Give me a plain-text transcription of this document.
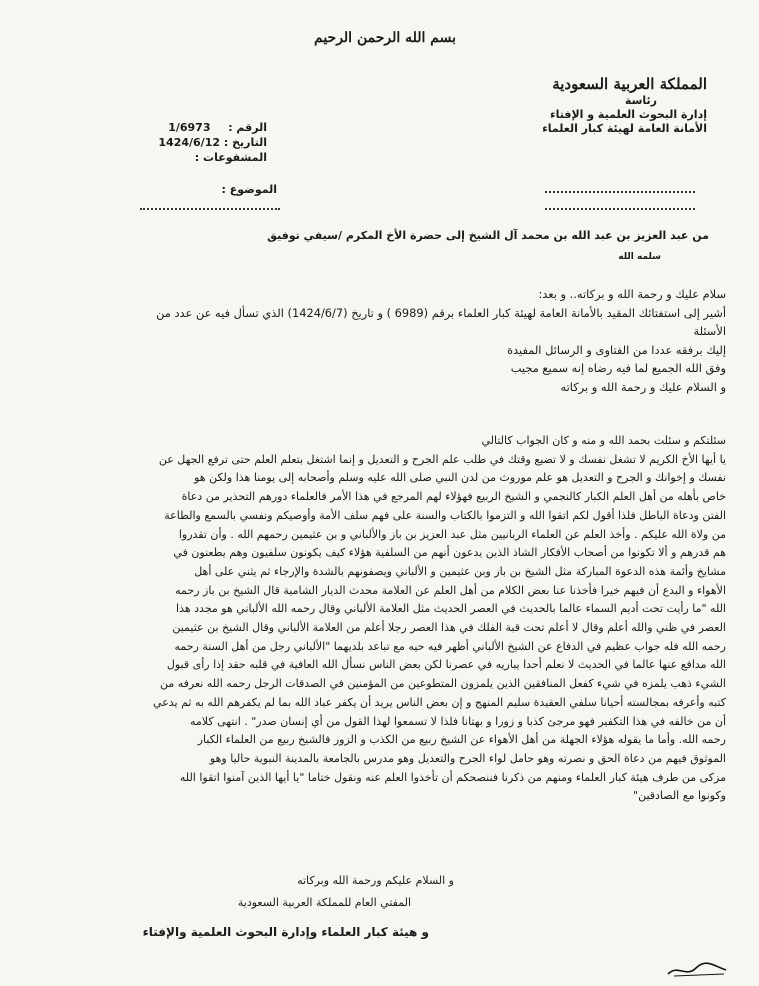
بسم الله الرحمن الرحيم
المملكة العربية السعودية
رئاسة
إدارة البحوث العلمية و الإفتاء
الأمانة العامة لهيئة كبار العلماء
الرقم :  1/6973
التاريخ : 1424/6/12
المشفوعات :
الموضوع :
من عبد العزيز بن عبد الله بن محمد آل الشيخ إلى حضرة الأخ المكرم /سيفي توفيق
سلمه الله
سلام عليك و رحمة الله و بركاته.. و بعد:
أشير إلى استفتائك المقيد بالأمانة العامة لهيئة كبار العلماء برقم (6989 ) و تاريخ (1424/6/7) الذي تسأل فيه عن عدد من
الأسئلة
إليك برفقه عددا من الفتاوى و الرسائل المفيدة
وفق الله الجميع لما فيه رضاه إنه سميع مجيب
و السلام عليك و رحمة الله و بركاته
سئلتكم و سئلت بحمد الله و منه و كان الجواب كالتالي
يا أيها الأخ الكريم لا تشغل نفسك و لا تضيع وقتك في طلب علم الجرح و التعديل و إنما اشتغل بتعلم العلم حتى ترفع الجهل عن
نفسك و إخوانك و الجرح و التعديل هو علم موروث من لدن النبي صلى الله عليه وسلم وأصحابه إلى يومنا هذا ولكن هو
خاص بأهله من أهل العلم الكبار كالنجمي و الشيخ الربيع فهؤلاء لهم المرجع في هذا الأمر فالعلماء دورهم التحذير من دعاة
الفتن ودعاة الباطل فلذا أقول لكم اتقوا الله و التزموا بالكتاب والسنة على فهم سلف الأمة وأوصيكم ونفسي بالسمع والطاعة
من ولاة الله عليكم . وأخذ العلم عن العلماء الربانيين مثل عبد العزيز بن باز والألباني و بن عثيمين رحمهم الله . وأن تقدروا
هم قدرهم و ألا تكونوا من أصحاب الأفكار الشاذ الذين يدعون أنهم من السلفية هؤلاء كيف يكونون سلفيون وهم يطعنون في
مشايخ وأئمة هذه الدعوة المباركة مثل الشيخ بن باز وبن عثيمين و الألباني ويصفونهم بالشدة والإرجاء ثم يثني على أهل
الأهواء و البدع أن فيهم خيرا فأخذنا عنا بعض الكلام من أهل العلم عن العلامة محدث الديار الشامية قال الشيخ بن باز رحمه
الله "ما رأيت تحت أديم السماء عالما بالحديث في العصر الحديث مثل العلامة الألباني وقال رحمه الله الألباني هو مجدد هذا
العصر في ظني والله أعلم وقال لا أعلم تحت قبة الفلك في هذا العصر رجلا أعلم من العلامة الألباني وقال الشيخ بن عثيمين
رحمه الله فله جواب عظيم في الدفاع عن الشيخ الألباني أظهر فيه حيه مع تباعد بلديهما "الألباني رجل من أهل السنة رحمه
الله مدافع عنها عالما في الحديث لا نعلم أحدا يباريه في عصرنا لكن بعض الناس نسأل الله العافية في قلبه حقد إذا رأى قبول
الشيء ذهب يلمزه في شيء كفعل المنافقين الذين يلمزون المتطوعين من المؤمنين في الصدقات الرجل رحمه الله نعرفه من
كتبه وأعرفه بمجالسته أحيانا سلفي العقيدة سليم المنهج و إن بعض الناس يريد أن يكفر عباد الله بما لم يكفرهم الله به ثم يدعي
أن من خالفه في هذا التكفير فهو مرجئ كذبا و زورا و بهتانا فلذا لا تسمعوا لهذا القول من أي إنسان صدر" . انتهى كلامه
رحمه الله. وأما ما يقوله هؤلاء الجهلة من أهل الأهواء عن الشيخ ربيع من الكذب و الزور فالشيخ ربيع من العلماء الكبار
الموثوق فيهم من دعاة الحق و نصرته وهو حامل لواء الجرح والتعديل وهو مدرس بالجامعة بالمدينة النبوية حاليا وهو
مزكى من طرف هيئة كبار العلماء ومنهم من ذكرنا فننصحكم أن تأخذوا العلم عنه ونقول ختاما "يا أيها الذين آمنوا اتقوا الله
وكونوا مع الصادقين"
و السلام عليكم ورحمة الله وبركاته
المفتي العام للمملكة العربية السعودية
و هيئة كبار العلماء وإدارة البحوث العلمية والإفتاء
